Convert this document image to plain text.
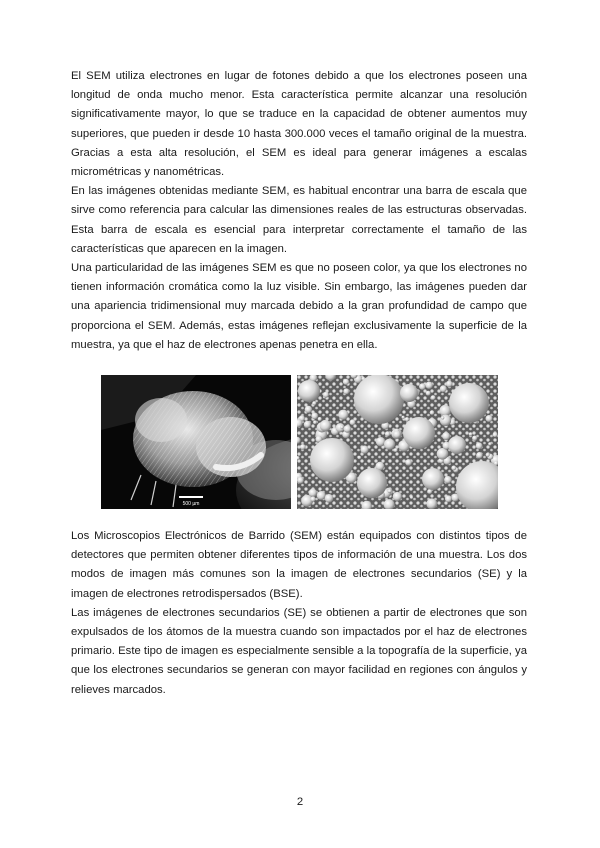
El SEM utiliza electrones en lugar de fotones debido a que los electrones poseen una longitud de onda mucho menor. Esta característica permite alcanzar una resolución significativamente mayor, lo que se traduce en la capacidad de obtener aumentos muy superiores, que pueden ir desde 10 hasta 300.000 veces el tamaño original de la muestra. Gracias a esta alta resolución, el SEM es ideal para generar imágenes a escalas micrométricas y nanométricas.

En las imágenes obtenidas mediante SEM, es habitual encontrar una barra de escala que sirve como referencia para calcular las dimensiones reales de las estructuras observadas. Esta barra de escala es esencial para interpretar correctamente el tamaño de las características que aparecen en la imagen.

Una particularidad de las imágenes SEM es que no poseen color, ya que los electrones no tienen información cromática como la luz visible. Sin embargo, las imágenes pueden dar una apariencia tridimensional muy marcada debido a la gran profundidad de campo que proporciona el SEM. Además, estas imágenes reflejan exclusivamente la superficie de la muestra, ya que el haz de electrones apenas penetra en ella.

500 µm

Los Microscopios Electrónicos de Barrido (SEM) están equipados con distintos tipos de detectores que permiten obtener diferentes tipos de información de una muestra. Los dos modos de imagen más comunes son la imagen de electrones secundarios (SE) y la imagen de electrones retrodispersados (BSE).

Las imágenes de electrones secundarios (SE) se obtienen a partir de electrones que son expulsados de los átomos de la muestra cuando son impactados por el haz de electrones primario. Este tipo de imagen es especialmente sensible a la topografía de la superficie, ya que los electrones secundarios se generan con mayor facilidad en regiones con ángulos y relieves marcados.

2
